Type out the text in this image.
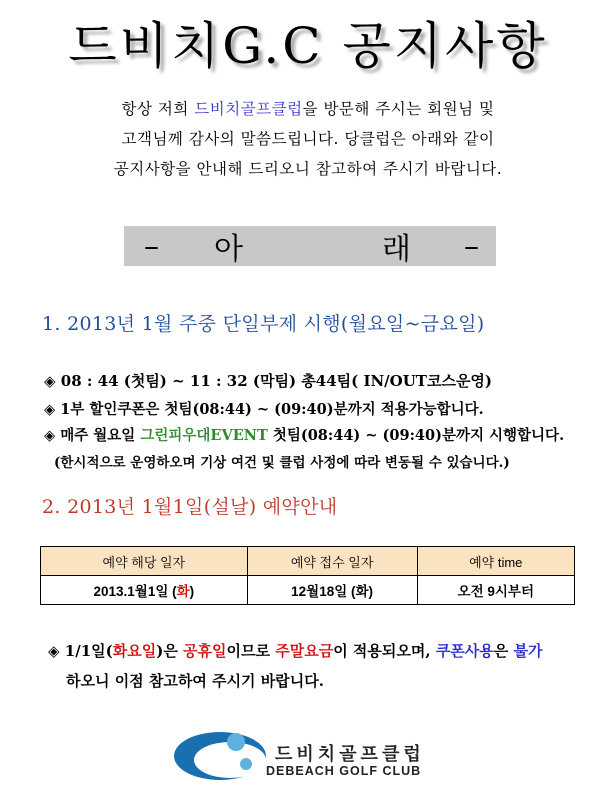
드비치G.C 공지사항
항상 저희 드비치골프클럽을 방문해 주시는 회원님 및
고객님께 감사의 말씀드립니다. 당클럽은 아래와 같이
공지사항을 안내해 드리오니 참고하여 주시기 바랍니다.
– 아	래 –
1. 2013년 1월 주중 단일부제 시행(월요일~금요일)
◈ 08 : 44 (첫팀) ~ 11 : 32 (막팀) 총44팀( IN/OUT코스운영)
◈ 1부 할인쿠폰은 첫팀(08:44) ~ (09:40)분까지 적용가능합니다.
◈ 매주 월요일 그린피우대EVENT 첫팀(08:44) ~ (09:40)분까지 시행합니다.
(한시적으로 운영하오며 기상 여건 및 클럽 사정에 따라 변동될 수 있습니다.)
2. 2013년 1월1일(설날) 예약안내
예약 해당 일자	예약 접수 일자	예약 time
2013.1월1일 (화)	12월18일 (화)	오전 9시부터
◈ 1/1일(화요일)은 공휴일이므로 주말요금이 적용되오며, 쿠폰사용은 불가
하오니 이점 참고하여 주시기 바랍니다.
드비치골프클럽
DEBEACH GOLF CLUB
